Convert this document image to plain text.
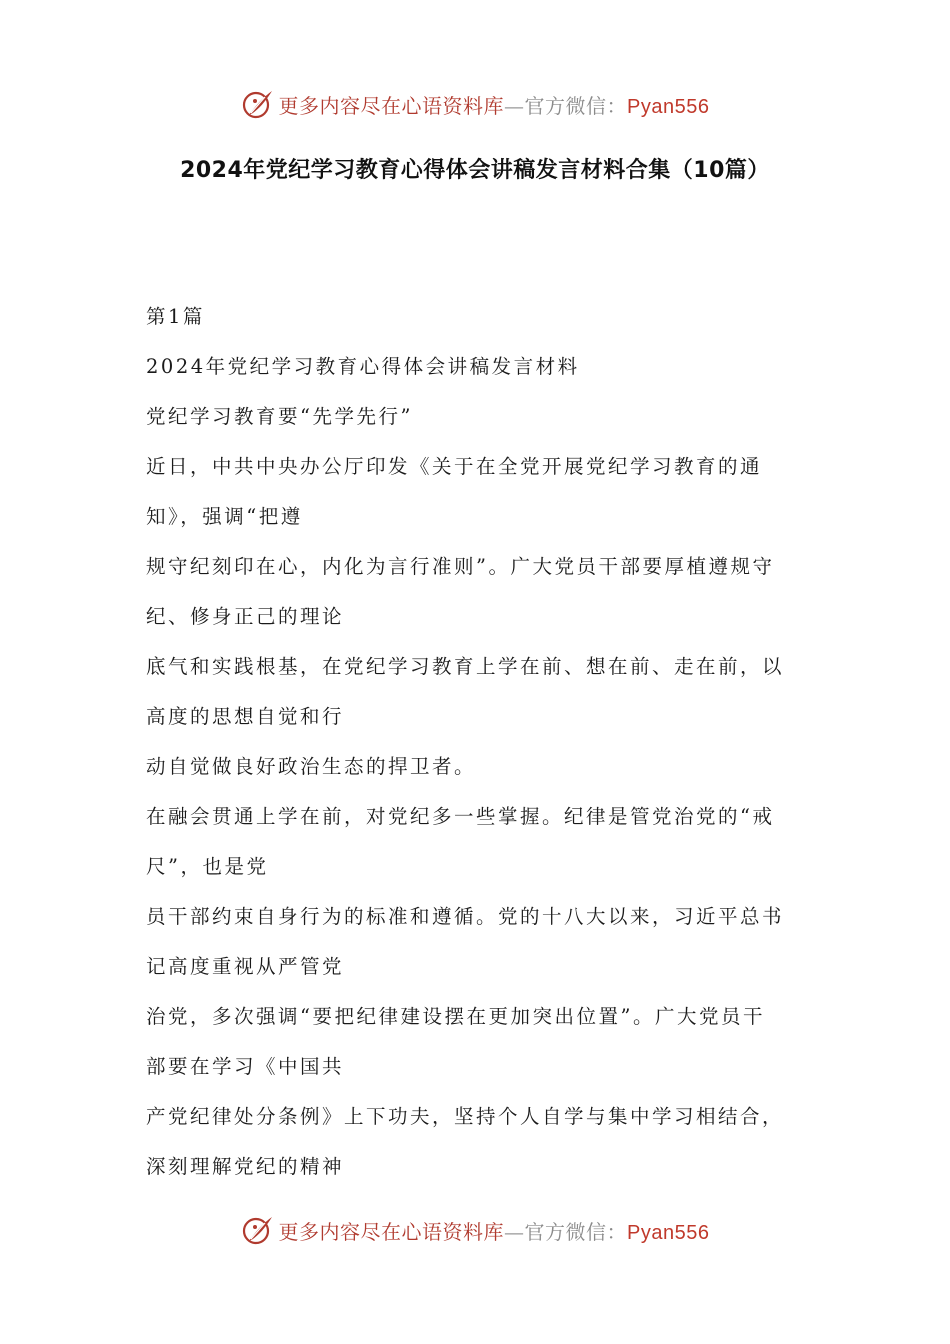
更多内容尽在心语资料库—官方微信：Pyan556
2024年党纪学习教育心得体会讲稿发言材料合集（10篇）
第1篇
2024年党纪学习教育心得体会讲稿发言材料
党纪学习教育要“先学先行”
近日，中共中央办公厅印发《关于在全党开展党纪学习教育的通
知》，强调“把遵
规守纪刻印在心，内化为言行准则”。广大党员干部要厚植遵规守
纪、修身正己的理论
底气和实践根基，在党纪学习教育上学在前、想在前、走在前，以
高度的思想自觉和行
动自觉做良好政治生态的捍卫者。
在融会贯通上学在前，对党纪多一些掌握。纪律是管党治党的“戒
尺”，也是党
员干部约束自身行为的标准和遵循。党的十八大以来，习近平总书
记高度重视从严管党
治党，多次强调“要把纪律建设摆在更加突出位置”。广大党员干
部要在学习《中国共
产党纪律处分条例》上下功夫，坚持个人自学与集中学习相结合，
深刻理解党纪的精神
更多内容尽在心语资料库—官方微信：Pyan556
